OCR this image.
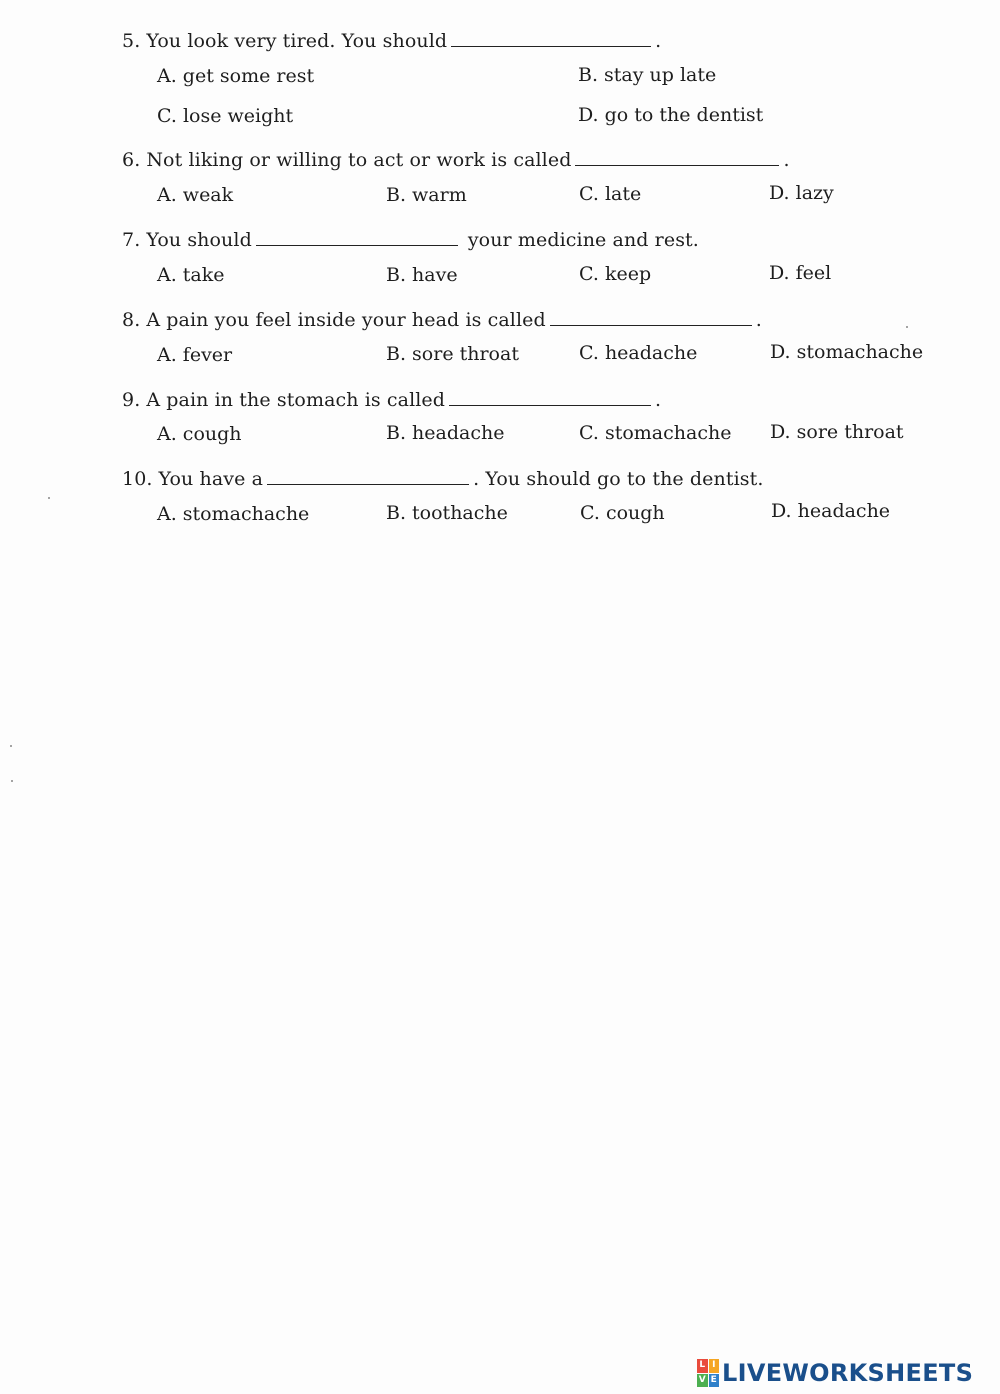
5. You look very tired. You should	.
A. get some rest	B. stay up late
C. lose weight	D. go to the dentist
6. Not liking or willing to act or work is called	.
A. weak	B. warm	C. late	D. lazy
7. You should	your medicine and rest.
A. take	B. have	C. keep	D. feel
8. A pain you feel inside your head is called	.
A. fever	B. sore throat	C. headache	D. stomachache
9. A pain in the stomach is called	.
A. cough	B. headache	C. stomachache D. sore throat
10. You have a	. You should go to the dentist.
A. stomachache	B. toothache	C. cough	D. headache
L I
V E LIVEWORKSHEETS
